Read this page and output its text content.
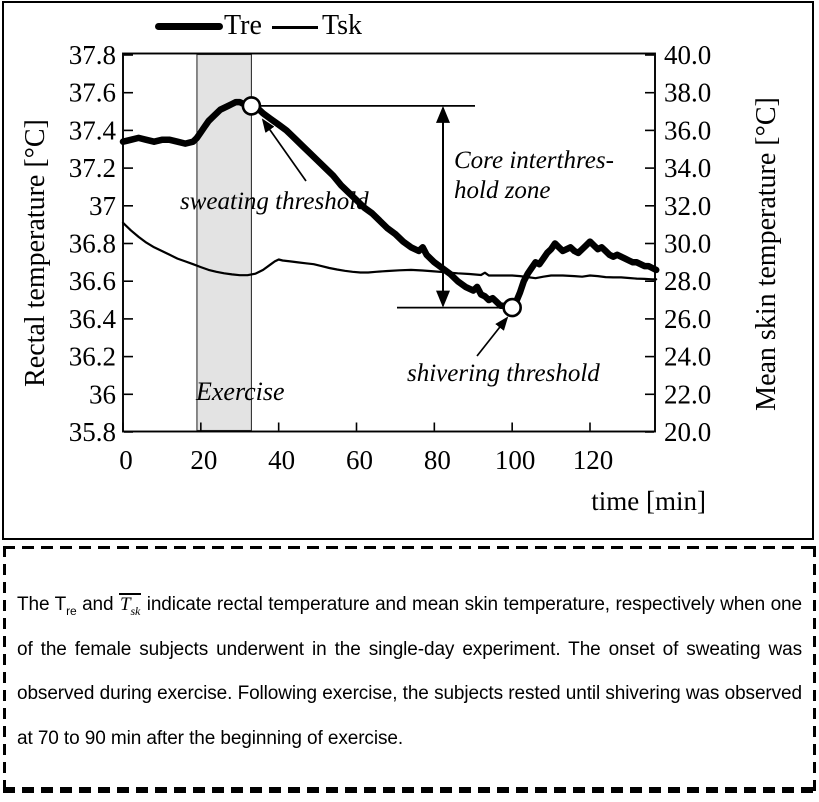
37.8
37.6
37.4
37.2
37
36.8
36.6
36.4
36.2
36
35.8
40.0
38.0
36.0
34.0
32.0
30.0
28.0
26.0
24.0
22.0
20.0
0 20 40 60 80 100 120
Tre Tsk
Rectal temperature [°C]	Mean skin temperature [°C]
time [min]
sweating threshold
Core interthres-
hold zone
shivering threshold
Exercise

The $T_{re}$ and $T_{sk}$ indicate rectal temperature and mean skin temperature, respectively when one of the female subjects underwent in the single-day experiment. The onset of sweating was observed during exercise. Following exercise, the subjects rested until shivering was observed at 70 to 90 min after the beginning of exercise.
